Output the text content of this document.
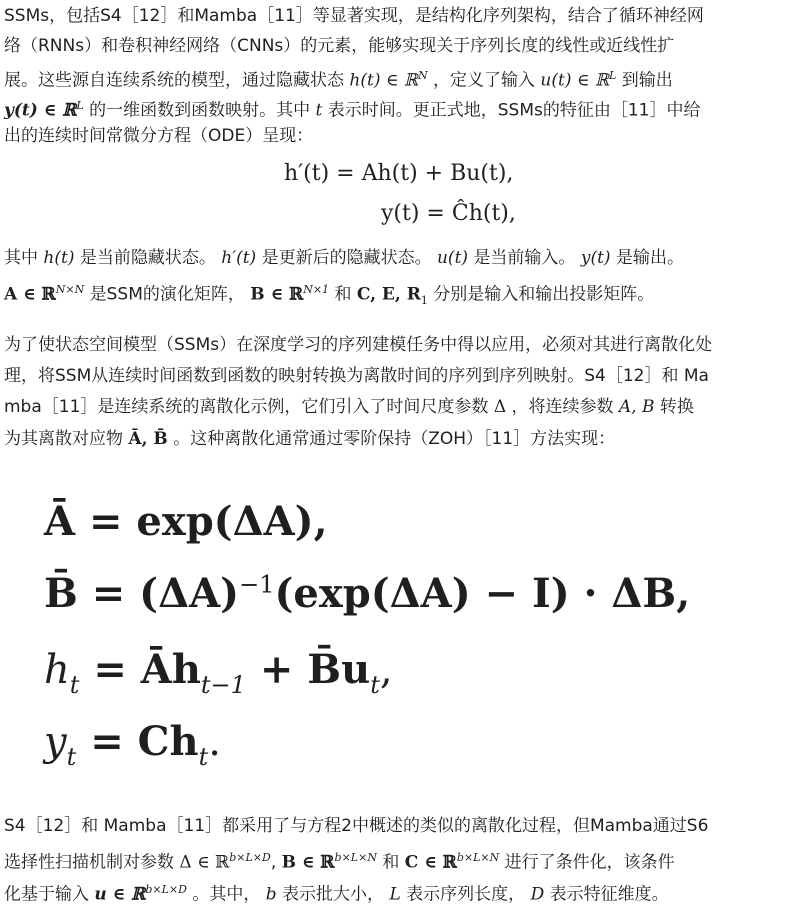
SSMs，包括S4［12］和Mamba［11］等显著实现，是结构化序列架构，结合了循环神经网
络（RNNs）和卷积神经网络（CNNs）的元素，能够实现关于序列长度的线性或近线性扩
展。这些源自连续系统的模型，通过隐藏状态 h(t) ∈ ℝ$^N$ ，定义了输入 u(t) ∈ ℝ$^L$ 到输出
y(t) ∈ ℝ$^L$ 的一维函数到函数映射。其中 t 表示时间。更正式地，SSMs的特征由［11］中给
出的连续时间常微分方程（ODE）呈现：
h′(t) = Ah(t) + Bu(t),
y(t) = Ĉh(t),
其中 h(t) 是当前隐藏状态。 h′(t) 是更新后的隐藏状态。 u(t) 是当前输入。 y(t) 是输出。
A ∈ ℝ$^{N\times N}$ 是SSM的演化矩阵， B ∈ ℝ$^{N\times 1}$ 和 C, E, $R_1$ 分别是输入和输出投影矩阵。
为了使状态空间模型（SSMs）在深度学习的序列建模任务中得以应用，必须对其进行离散化处
理，将SSM从连续时间函数到函数的映射转换为离散时间的序列到序列映射。S4［12］和 Ma
mba［11］是连续系统的离散化示例，它们引入了时间尺度参数 Δ ，将连续参数 A, B 转换
为其离散对应物 Ā, B̄ 。这种离散化通常通过零阶保持（ZOH）［11］方法实现：
Ā = exp(ΔA),
B̄ = $(\Delta A)^{-1}(\exp(\Delta A) - I) \cdot \Delta B$,
$h_t$ = $Āh_{t-1}$ + $B̄u_t$,
$y_t = Ch_t$.
S4［12］和 Mamba［11］都采用了与方程2中概述的类似的离散化过程，但Mamba通过S6
选择性扫描机制对参数 Δ ∈ ℝ$^{b\times L\times D}$, B ∈ ℝ$^{b\times L\times N}$ 和 C ∈ ℝ$^{b\times L\times N}$ 进行了条件化，该条件
化基于输入 u ∈ ℝ$^{b\times L\times D}$ 。其中， b 表示批大小， L 表示序列长度， D 表示特征维度。
